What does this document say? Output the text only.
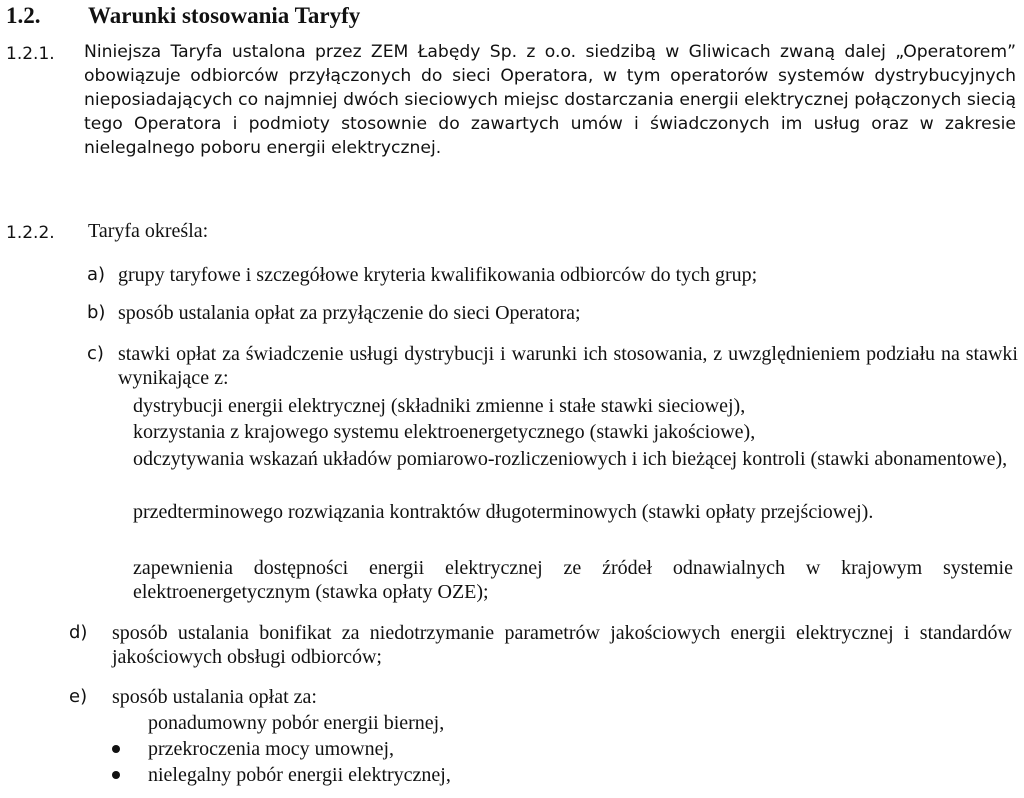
1.2. Warunki stosowania Taryfy
1.2.1. Niniejsza Taryfa ustalona przez ZEM Łabędy Sp. z o.o. siedzibą w Gliwicach zwaną dalej „Operatorem” obowiązuje odbiorców przyłączonych do sieci Operatora, w tym operatorów systemów dystrybucyjnych nieposiadających co najmniej dwóch sieciowych miejsc dostarczania energii elektrycznej połączonych siecią tego Operatora i podmioty stosownie do zawartych umów i świadczonych im usług oraz w zakresie nielegalnego poboru energii elektrycznej.
1.2.2. Taryfa określa:
a) grupy taryfowe i szczegółowe kryteria kwalifikowania odbiorców do tych grup;
b) sposób ustalania opłat za przyłączenie do sieci Operatora;
c) stawki opłat za świadczenie usługi dystrybucji i warunki ich stosowania, z uwzględnieniem podziału na stawki wynikające z:
dystrybucji energii elektrycznej (składniki zmienne i stałe stawki sieciowej),
korzystania z krajowego systemu elektroenergetycznego (stawki jakościowe),
odczytywania wskazań układów pomiarowo-rozliczeniowych i ich bieżącej kontroli (stawki abonamentowe),
przedterminowego rozwiązania kontraktów długoterminowych (stawki opłaty przejściowej).
zapewnienia dostępności energii elektrycznej ze źródeł odnawialnych w krajowym systemie elektroenergetycznym (stawka opłaty OZE);
d) sposób ustalania bonifikat za niedotrzymanie parametrów jakościowych energii elektrycznej i standardów jakościowych obsługi odbiorców;
e) sposób ustalania opłat za:
ponadumowny pobór energii biernej,
przekroczenia mocy umownej,
nielegalny pobór energii elektrycznej,
